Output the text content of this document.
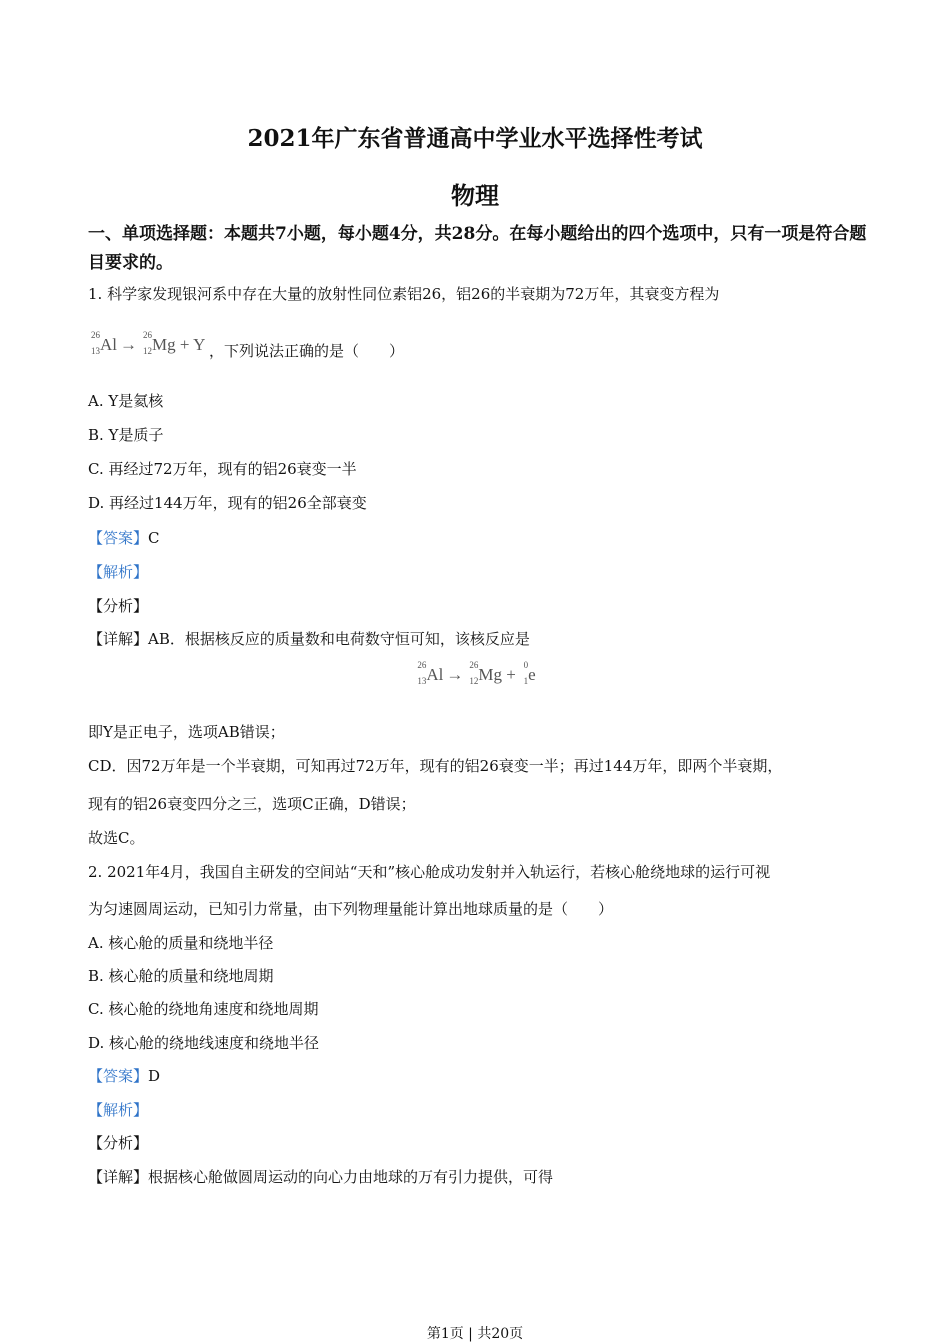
2021年广东省普通高中学业水平选择性考试
物理
一、单项选择题：本题共7小题，每小题4分，共28分。在每小题给出的四个选项中，只有一项是符合题目要求的。
1. 科学家发现银河系中存在大量的放射性同位素铝26，铝26的半衰期为72万年，其衰变方程为
26
13 Al → 26
12 Mg + Y ，下列说法正确的是（　　）
A. Y是氦核
B. Y是质子
C. 再经过72万年，现有的铝26衰变一半
D. 再经过144万年，现有的铝26全部衰变
【答案】C
【解析】
【分析】
【详解】AB．根据核反应的质量数和电荷数守恒可知，该核反应是
26
13 Al → 26
12 Mg + 0
1 e
即Y是正电子，选项AB错误；
CD．因72万年是一个半衰期，可知再过72万年，现有的铝26衰变一半；再过144万年，即两个半衰期，
现有的铝26衰变四分之三，选项C正确，D错误；
故选C。
2. 2021年4月，我国自主研发的空间站“天和”核心舱成功发射并入轨运行，若核心舱绕地球的运行可视
为匀速圆周运动，已知引力常量，由下列物理量能计算出地球质量的是（　　）
A. 核心舱的质量和绕地半径
B. 核心舱的质量和绕地周期
C. 核心舱的绕地角速度和绕地周期
D. 核心舱的绕地线速度和绕地半径
【答案】D
【解析】
【分析】
【详解】根据核心舱做圆周运动的向心力由地球的万有引力提供，可得
第1页 | 共20页
